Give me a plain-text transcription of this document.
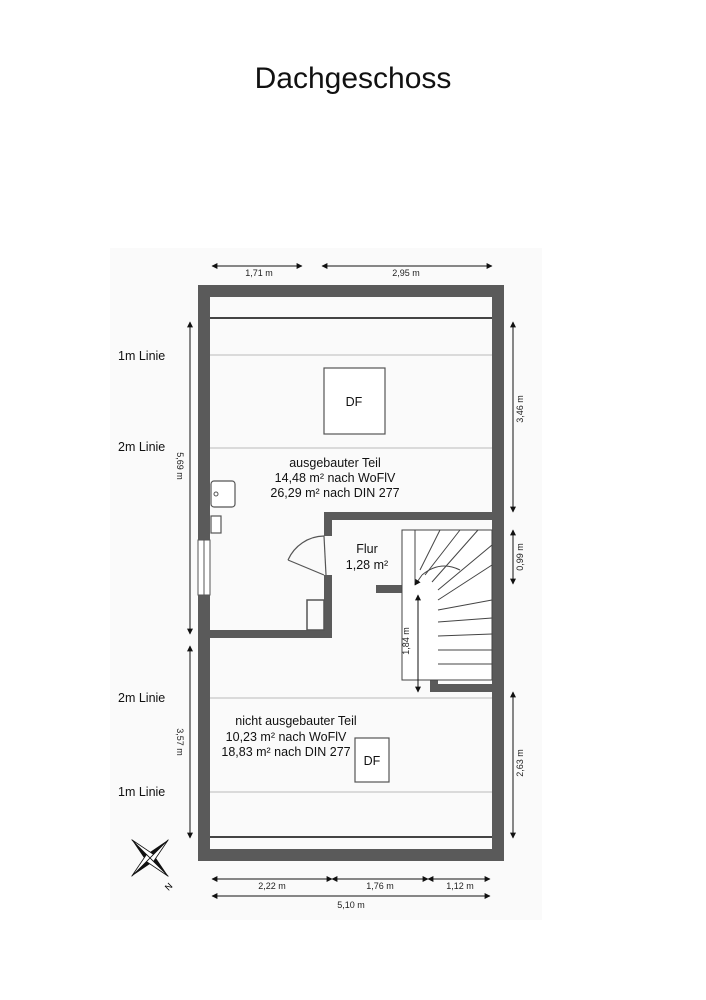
Dachgeschoss
DF
DF
ausgebauter Teil
14,48 m² nach WoFlV
26,29 m² nach DIN 277
Flur
1,28 m²
nicht ausgebauter Teil
10,23 m² nach WoFlV
18,83 m² nach DIN 277
1m Linie
2m Linie
2m Linie
1m Linie
1,71 m	2,95 m
5,69 m
3,57 m
3,46 m
0,99 m
2,63 m
1,84 m
2,22 m	1,76 m	1,12 m
5,10 m
N
